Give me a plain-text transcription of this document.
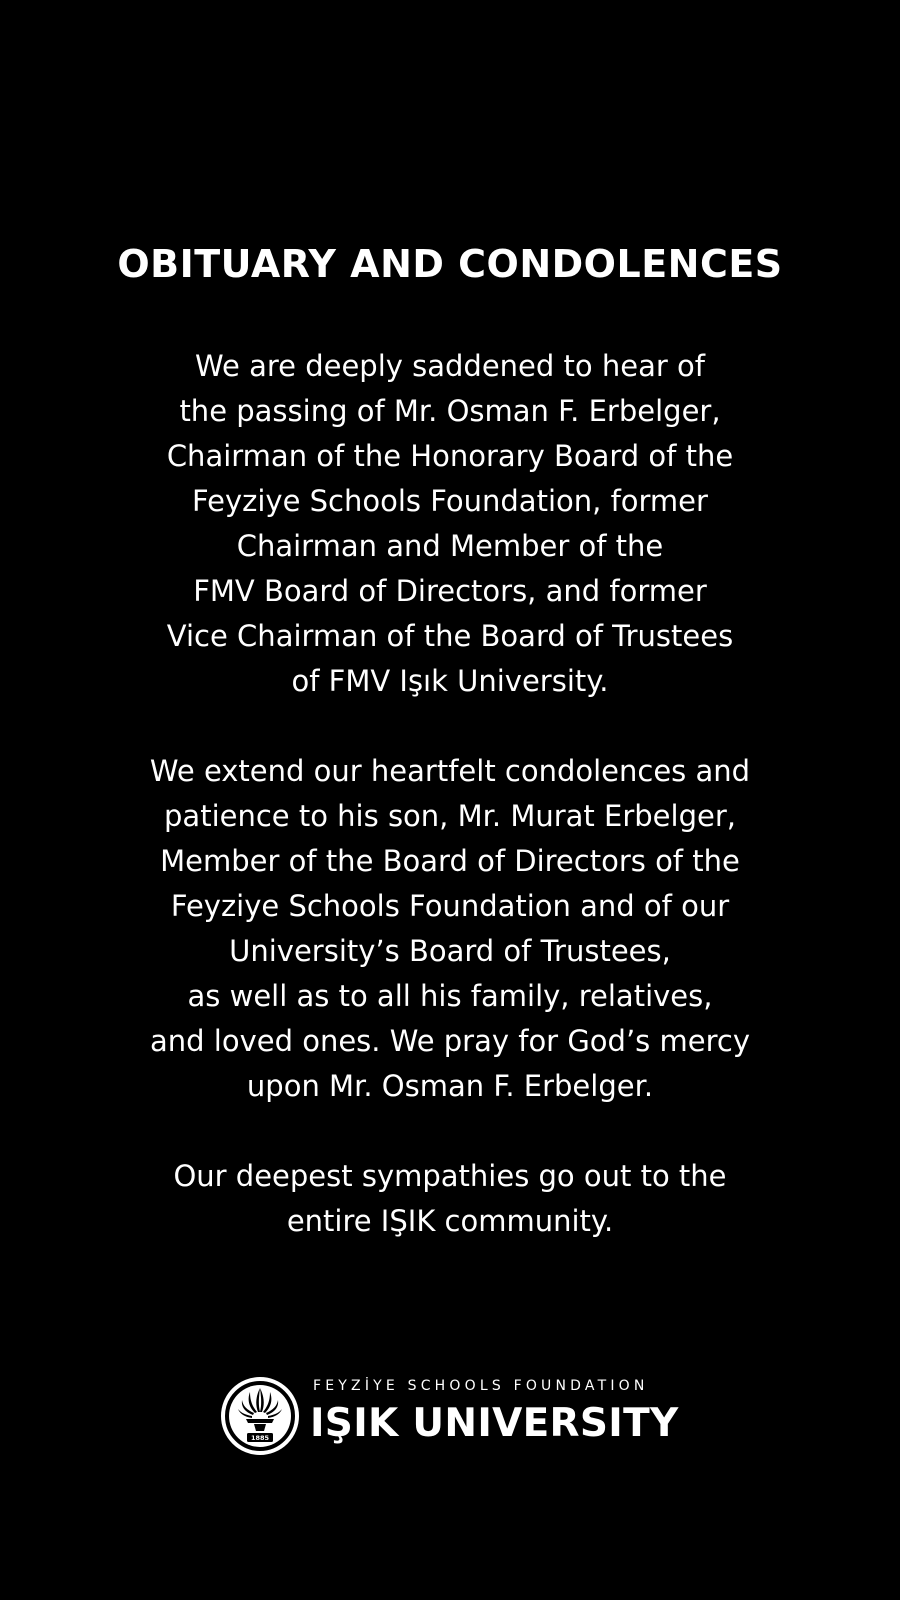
OBITUARY AND CONDOLENCES
We are deeply saddened to hear of
the passing of Mr. Osman F. Erbelger,
Chairman of the Honorary Board of the
Feyziye Schools Foundation, former
Chairman and Member of the
FMV Board of Directors, and former
Vice Chairman of the Board of Trustees
of FMV Işık University.
We extend our heartfelt condolences and
patience to his son, Mr. Murat Erbelger,
Member of the Board of Directors of the
Feyziye Schools Foundation and of our
University’s Board of Trustees,
as well as to all his family, relatives,
and loved ones. We pray for God’s mercy
upon Mr. Osman F. Erbelger.
Our deepest sympathies go out to the
entire IŞIK community.
1885
FEYZİYE SCHOOLS FOUNDATION
IŞIK UNIVERSITY
